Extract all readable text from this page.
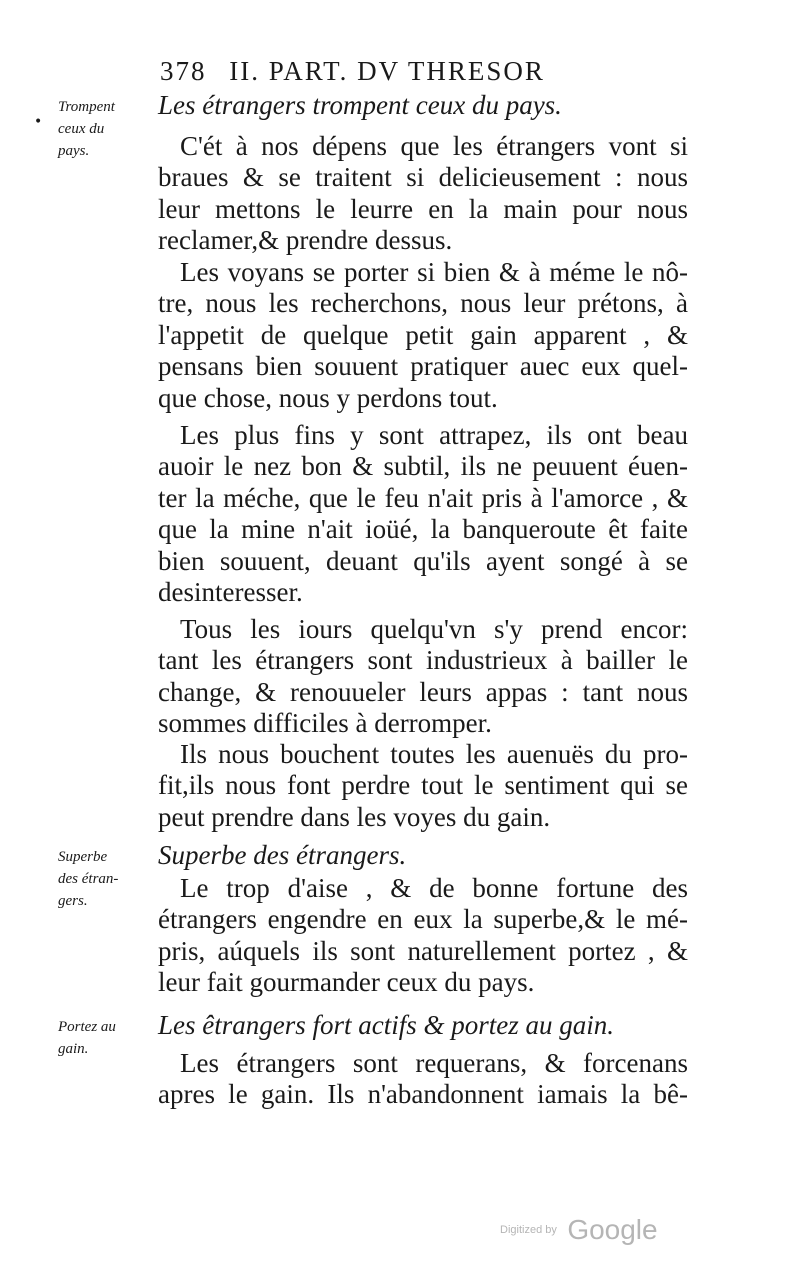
378 II. PART. DV THRESOR
•
Trompent
ceux du
pays.
Les étrangers trompent ceux du pays.
C'ét à nos dépens que les étrangers vont si
braues & se traitent si delicieusement : nous
leur mettons le leurre en la main pour nous
reclamer,& prendre dessus.
Les voyans se porter si bien & à méme le nô-
tre, nous les recherchons, nous leur prétons, à
l'appetit de quelque petit gain apparent , &
pensans bien souuent pratiquer auec eux quel-
que chose, nous y perdons tout.
Les plus fins y sont attrapez, ils ont beau
auoir le nez bon & subtil, ils ne peuuent éuen-
ter la méche, que le feu n'ait pris à l'amorce , &
que la mine n'ait ioüé, la banqueroute êt faite
bien souuent, deuant qu'ils ayent songé à se
desinteresser.
Tous les iours quelqu'vn s'y prend encor:
tant les étrangers sont industrieux à bailler le
change, & renouueler leurs appas : tant nous
sommes difficiles à derromper.
Ils nous bouchent toutes les auenuës du pro-
fit,ils nous font perdre tout le sentiment qui se
peut prendre dans les voyes du gain.
Superbe
des étran-
gers.
Superbe des étrangers.
Le trop d'aise , & de bonne fortune des
étrangers engendre en eux la superbe,& le mé-
pris, aúquels ils sont naturellement portez , &
leur fait gourmander ceux du pays.
Portez au
gain.
Les êtrangers fort actifs & portez au gain.
Les étrangers sont requerans, & forcenans
apres le gain. Ils n'abandonnent iamais la bê-
Digitized by Google
